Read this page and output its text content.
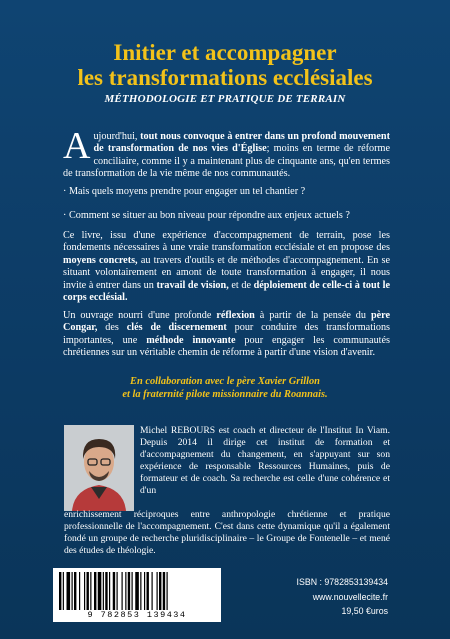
Initier et accompagner
les transformations ecclésiales
MÉTHODOLOGIE ET PRATIQUE DE TERRAIN
Aujourd'hui, tout nous convoque à entrer dans un profond mouvement de transformation de nos vies d'Église; moins en terme de réforme conciliaire, comme il y a maintenant plus de cinquante ans, qu'en termes de transformation de la vie même de nos communautés.
· Mais quels moyens prendre pour engager un tel chantier ?
· Comment se situer au bon niveau pour répondre aux enjeux actuels ?
Ce livre, issu d'une expérience d'accompagnement de terrain, pose les fondements nécessaires à une vraie transformation ecclésiale et en propose des moyens concrets, au travers d'outils et de méthodes d'accompagnement. En se situant volontairement en amont de toute transformation à engager, il nous invite à entrer dans un travail de vision, et de déploiement de celle-ci à tout le corps ecclésial.
Un ouvrage nourri d'une profonde réflexion à partir de la pensée du père Congar, des clés de discernement pour conduire des transformations importantes, une méthode innovante pour engager les communautés chrétiennes sur un véritable chemin de réforme à partir d'une vision d'avenir.
En collaboration avec le père Xavier Grillon
et la fraternité pilote missionnaire du Roannais.
Michel REBOURS est coach et directeur de l'Institut In Viam. Depuis 2014 il dirige cet institut de formation et d'accompagnement du changement, en s'appuyant sur son expérience de responsable Ressources Humaines, puis de formateur et de coach. Sa recherche est celle d'une cohérence et d'un
enrichissement réciproques entre anthropologie chrétienne et pratique professionnelle de l'accompagnement. C'est dans cette dynamique qu'il a également fondé un groupe de recherche pluridisciplinaire – le Groupe de Fontenelle – et mené des études de théologie.
9 782853 139434
ISBN : 9782853139434
www.nouvellecite.fr
19,50 €uros
